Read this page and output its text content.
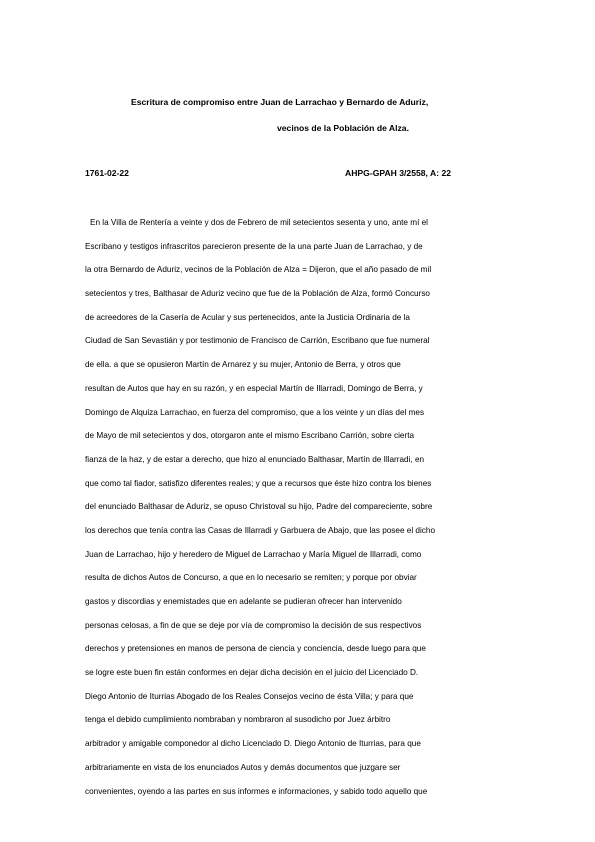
Escritura de compromiso entre Juan de Larrachao y Bernardo de Aduriz,
vecinos de la Población de Alza.
1761-02-22	AHPG-GPAH 3/2558, A: 22
En la Villa de Rentería a veinte y dos de Febrero de mil setecientos sesenta y uno, ante mí el
Escribano y testigos infrascritos parecieron presente de la una parte Juan de Larrachao, y de
la otra Bernardo de Aduriz, vecinos de la Población de Alza = Dijeron, que el año pasado de mil
setecientos y tres, Balthasar de Aduriz vecino que fue de la Población de Alza, formó Concurso
de acreedores de la Casería de Acular y sus pertenecidos, ante la Justicia Ordinaria de la
Ciudad de San Sevastián y por testimonio de Francisco de Carrión, Escribano que fue numeral
de ella. a que se opusieron Martín de Arnarez y su mujer, Antonio de Berra, y otros que
resultan de Autos que hay en su razón, y en especial Martín de Illarradi, Domingo de Berra, y
Domingo de Alquiza Larrachao, en fuerza del compromiso, que a los veinte y un días del mes
de Mayo de mil setecientos y dos, otorgaron ante el mismo Escribano Carrión, sobre cierta
fianza de la haz, y de estar a derecho, que hizo al enunciado Balthasar, Martín de Illarradi, en
que como tal fiador, satisfizo diferentes reales; y que a recursos que éste hizo contra los bienes
del enunciado Balthasar de Aduriz, se opuso Christoval su hijo, Padre del compareciente, sobre
los derechos que tenía contra las Casas de Illarradi y Garbuera de Abajo, que las posee el dicho
Juan de Larrachao, hijo y heredero de Miguel de Larrachao y María Miguel de Illarradi, como
resulta de dichos Autos de Concurso, a que en lo necesario se remiten; y porque por obviar
gastos y discordias y enemistades que en adelante se pudieran ofrecer han intervenido
personas celosas, a fin de que se deje por vía de compromiso la decisión de sus respectivos
derechos y pretensiones en manos de persona de ciencia y conciencia, desde luego para que
se logre este buen fin están conformes en dejar dicha decisión en el juicio del Licenciado D.
Diego Antonio de Iturrias Abogado de los Reales Consejos vecino de ésta Villa; y para que
tenga el debido cumplimiento nombraban y nombraron al susodicho por Juez árbitro
arbitrador y amigable componedor al dicho Licenciado D. Diego Antonio de Iturrias, para que
arbitrariamente en vista de los enunciados Autos y demás documentos que juzgare ser
convenientes, oyendo a las partes en sus informes e informaciones, y sabido todo aquello que
